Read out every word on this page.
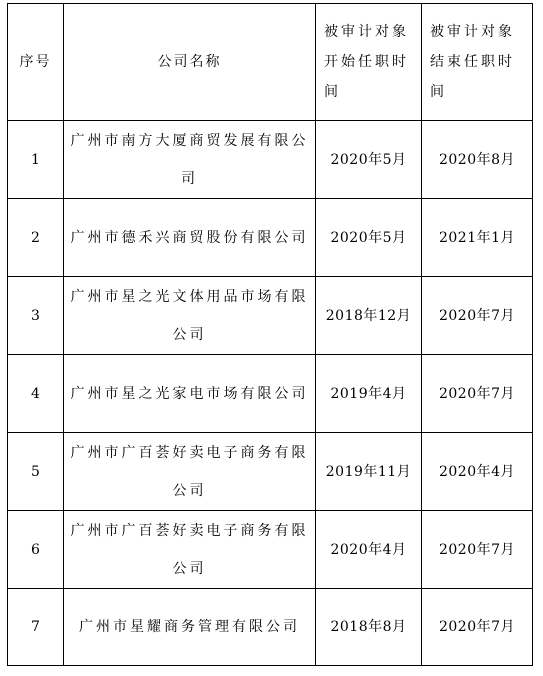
序号	公司名称	被审计对象开始任职时间	被审计对象结束任职时间

1	广州市南方大厦商贸发展有限公司	2020年5月	2020年8月

2	广州市德禾兴商贸股份有限公司	2020年5月	2021年1月

3	广州市星之光文体用品市场有限公司	2018年12月	2020年7月

4	广州市星之光家电市场有限公司	2019年4月	2020年7月

5	广州市广百荟好卖电子商务有限公司	2019年11月	2020年4月

6	广州市广百荟好卖电子商务有限公司	2020年4月	2020年7月

7	广州市星耀商务管理有限公司	2018年8月	2020年7月
